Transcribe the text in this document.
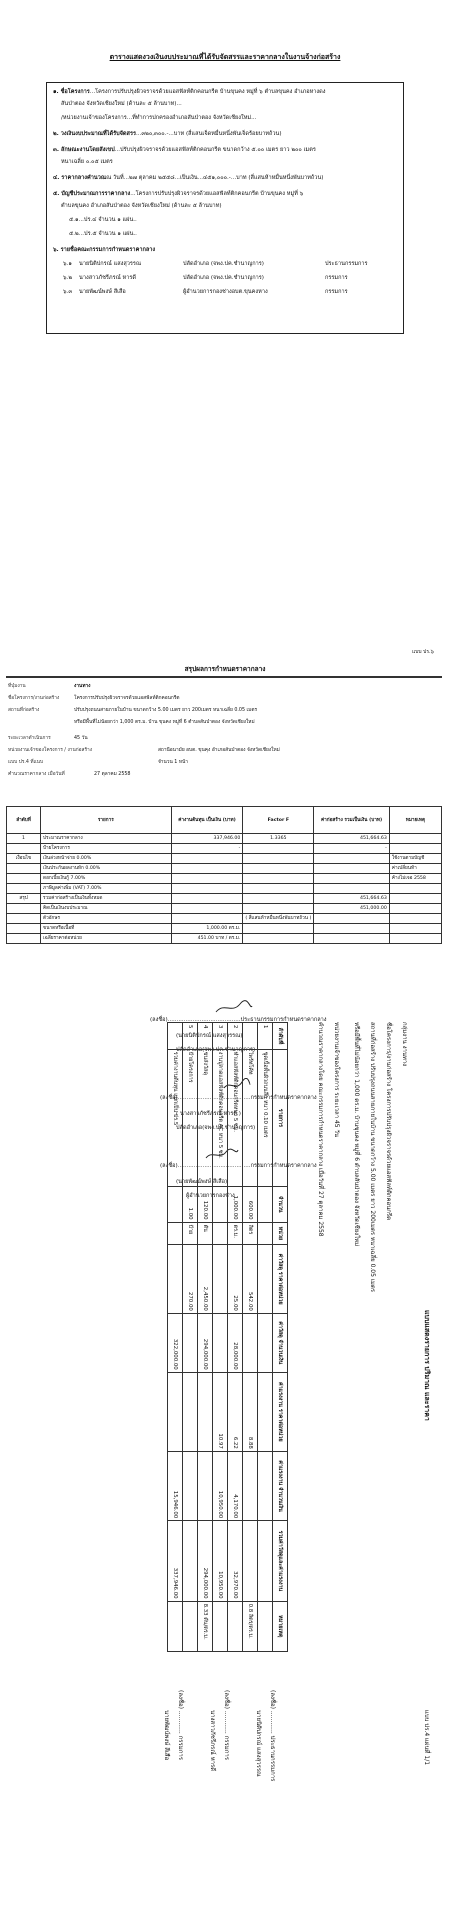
ตารางแสดงวงเงินงบประมาณที่ได้รับจัดสรรและราคากลางในงานจ้างก่อสร้าง
๑. ชื่อโครงการ...โครงการปรับปรุงผิวจราจรด้วยแอสฟัลท์ติกคอนกรีต บ้านขุนคง หมู่ที่ ๖ ตำบลขุนคง อำเภอหางดง
สันป่าตอง จังหวัดเชียงใหม่ (ด้านละ ๕ ล้านบาท)...
/หน่วยงานเจ้าของโครงการ...ที่ทำการปกครองอำเภอสันป่าตอง จังหวัดเชียงใหม่...
๒. วงเงินงบประมาณที่ได้รับจัดสรร...๓๒๐,๓๐๐.-...บาท (สี่แสนเจ็ดหมื่นหนึ่งพันเจ็ดร้อยบาทถ้วน)
๓. ลักษณะงานโดยสังเขป...ปรับปรุงผิวจราจรด้วยแอสฟัลท์ติกคอนกรีต ขนาดกว้าง ๕.๐๐ เมตร ยาว ๒๐๐ เมตร
หนาเฉลี่ย ๐.๐๕ เมตร
๔. ราคากลางคำนวณณ วันที่...๒๗ ตุลาคม ๒๕๕๘...เป็นเงิน...๔๕๑,๐๐๐.-...บาท (สี่แสนห้าหมื่นหนึ่งพันบาทถ้วน)
๕. บัญชีประมาณการราคากลาง...โครงการปรับปรุงผิวจราจรด้วยแอสฟัลท์ติกคอนกรีต บ้านขุนคง หมู่ที่ ๖
ตำบลขุนคง อำเภอสันป่าตอง จังหวัดเชียงใหม่ (ด้านละ ๕ ล้านบาท)
๕.๑...ปร.๔ จำนวน ๑ แผ่น..
๕.๒...ปร.๕ จำนวน ๑ แผ่น..
๖. รายชื่อคณะกรรมการกำหนดราคากลาง
๖.๑ นายนิติปกรณ์ แสงสุวรรณ	ปลัดอำเภอ (จพง.ปค.ชำนาญการ)	ประธานกรรมการ
๖.๒ นางสาวภัชรีภรณ์ หารดี	ปลัดอำเภอ (จพง.ปค.ชำนาญการ)	กรรมการ
๖.๓ นายพัฒน์พงษ์ สีเสือ	ผู้อำนวยการกองช่างอบต.ขุนคงหาง	กรรมการ
แบบ ปร.๖
สรุปผลการกำหนดราคากลาง
ที่ปุ่มงาน	งานทาง
ชื่อโครงการ/งานก่อสร้าง	โครงการปรับปรุงผิวจราจรด้วยแอสฟัลท์ติกคอนกรีต
สถานที่ก่อสร้าง	ปรับปรุงถนนสายภายในบ้าน ขนาดกว้าง 5.00 เมตร ยาว 200เมตร หนาเฉลี่ย 0.05 เมตร
หรือมีพื้นที่ไม่น้อยกว่า 1,000 ตร.ม. บ้าน ขุนคง หมู่ที่ 6 ตำบลสันป่าตอง จังหวัดเชียงใหม่
ระยะเวลาดำเนินการ	45 วัน
หน่วยงานเจ้าของโครงการ / งานก่อสร้าง	สถานีอนามัย อบต. ขุนคุง อำเภอสันป่าตอง จังหวัดเชียงใหม่
แบบ ปร.4 ที่แนบ	จำนวน 1 หน้า
คำนวณราคากลาง เมื่อวันที่	27 ตุลาคม 2558
ลำดับที่	รายการ	ค่างานต้นทุน เป็นเงิน (บาท)	Factor F	ค่าก่อสร้าง รวมเป็นเงิน (บาท)	หมายเหตุ
1	ประมาณราคากลาง	337,946.00	1.3365	451,664.63	
	ป้ายโครงการ	-		-	
เงื่อนไข	เงินล่วงหน้าจ่าย 0.00%				ใช้งานตามบัญชี
	เงินประกันผลงานหัก 0.00%				ค่าเปลี่ยนท้า
	ดอกเบี้ยเงินกู้ 7.00%				ค้างไม่เจอ 2558
	ภาษีมูลค่าเพิ่ม (VAT) 7.00%				
สรุป	รวมค่าก่อสร้างเป็นเงินทั้งหมด			451,664.63	
	คิดเป็นเงินงบประมาณ			451,000.00	
	ตัวอักษร		( สี่แสนห้าหมื่นหนึ่งพันบาทถ้วน )		
	ขนาดหรือเนื้อที่	1,000.00 ตร.ม.			
	เฉลี่ยราคาต่อหน่วย	451.00 บาท / ตร.ม.			
(ลงชื่อ).........................................ประธานกรรมการกำหนดราคากลาง
(นายนิติปกรณ์ แสงสุวรรณ)
ปลัดอำเภอ(จพง.ปค.ชำนาญการ)
(ลงชื่อ).........................................กรรมการกำหนดราคากลาง
( นางสาวภัชรีภรณ์ หารดี )
ปลัดอำเภอ(จพง.ปค.ชำนาญการ)
(ลงชื่อ).........................................กรรมการกำหนดราคากลาง
(นายพัฒน์พงษ์ สีเสือ)
ผู้อำนวยการกองช่าง
แบบแสดงรายการ ปริมาณ และราคา
แบบ ปร.4 แผ่นที่ 1/1
กลุ่มงาน งานทาง
ชื่อโครงการ/งานก่อสร้าง โครงการปรับปรุงผิวจราจรด้วยแอสฟัลท์ติกคอนกรีต
สถานที่ก่อสร้าง ปรับปรุงถนนสายภายในบ้าน ขนาดกว้าง 5.00 เมตร ยาว 200เมตร หนาเฉลี่ย 0.05 เมตร
หรือมีพื้นที่ไม่น้อยกว่า 1,000 ตร.ม. บ้านขุนคง หมู่ที่ 6 ตำบลสันป่าตอง จังหวัดเชียงใหม่
หน่วยงานเจ้าของโครงการ ระยะเวลา 45 วัน
คำนวณราคากลางโดย คณะกรรมการกำหนดราคากลาง เมื่อวันที่ 27 ตุลาคม 2558
ลำดับที่	รายการ	จำนวน	หน่วย	ค่าวัสดุ ราคาต่อหน่วย	ค่าวัสดุ จำนวนเงิน	ค่าแรงงาน ราคาต่อหน่วย	ค่าแรงงาน จำนวนเงิน	รวมค่าวัสดุและค่าแรงงาน	หมายเหตุ
1	ขูดเนื้อพื้นผิวถนนลึก หนา 0.10 เมตร								
	ไพร้ทโค้ท	600.00	ลิตร	542.00		8.88			0.8 ลิตร/ตร.ม.
2	ทำแอสฟัลท์ติกคอนกรีตหนา 5 ซม.	1,000.00	ตร.ม.	25.00	28,000.00	6.22	4,170.00	32,970.00	
3	งานปูลาดแอสฟัลท์ติกคอนกรีต AC หนา 5 ซม.					10.97	10,950.00	10,950.00	
4	ขนส่งวัสดุ	120.00	ตัน	2,450.00	294,000.00			294,000.00	8.33 ตัน/ตร.ม.
5	ป้ายโครงการ	1.00	ป้าย	270.00					
	รวมค่างานต้นทุน แยกเป็น ปร.5				322,000.00		15,946.00	337,946.00	
(ลงชื่อ) ............ ประธานกรรมการ
นายนิติปกรณ์ แสงสุวรรณ
(ลงชื่อ) ............ กรรมการ
นางสาวภัชรีภรณ์ หารดี
(ลงชื่อ) ............ กรรมการ
นายพัฒน์พงษ์ สีเสือ
